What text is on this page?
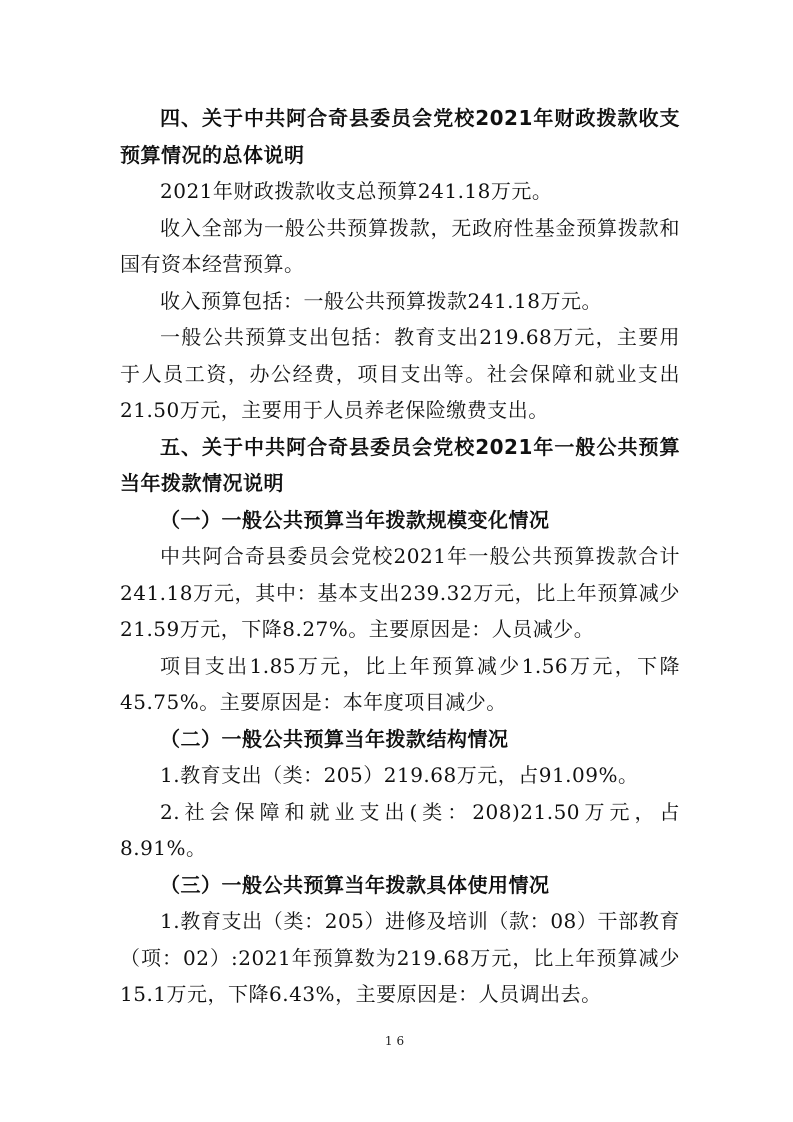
四、关于中共阿合奇县委员会党校2021年财政拨款收支预算情况的总体说明

2021年财政拨款收支总预算241.18万元。

收入全部为一般公共预算拨款，无政府性基金预算拨款和国有资本经营预算。

收入预算包括：一般公共预算拨款241.18万元。

一般公共预算支出包括：教育支出219.68万元，主要用于人员工资，办公经费，项目支出等。社会保障和就业支出21.50万元，主要用于人员养老保险缴费支出。

五、关于中共阿合奇县委员会党校2021年一般公共预算当年拨款情况说明

（一）一般公共预算当年拨款规模变化情况

中共阿合奇县委员会党校2021年一般公共预算拨款合计241.18万元，其中：基本支出239.32万元，比上年预算减少21.59万元，下降8.27%。主要原因是：人员减少。

项目支出1.85万元，比上年预算减少1.56万元，下降45.75%。主要原因是：本年度项目减少。

（二）一般公共预算当年拨款结构情况

1.教育支出（类：205）219.68万元，占91.09%。

2.社会保障和就业支出(类：208)21.50万元，占8.91%。

（三）一般公共预算当年拨款具体使用情况

1.教育支出（类：205）进修及培训（款：08）干部教育（项：02）:2021年预算数为219.68万元，比上年预算减少15.1万元，下降6.43%，主要原因是：人员调出去。

16
